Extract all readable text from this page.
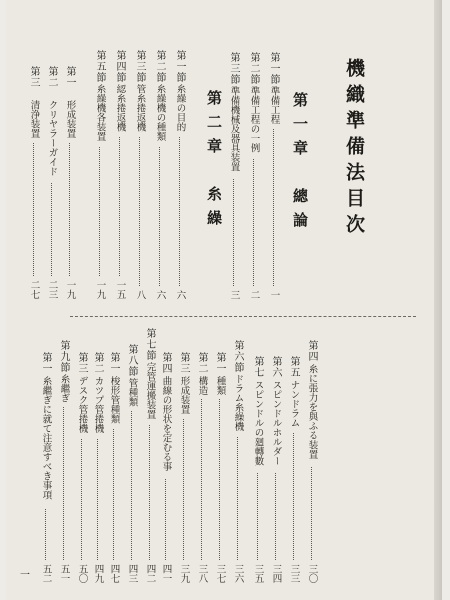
機織準備法目次
第一章　總論
第一節
準備工程
一
第二節
準備工程の一例
二
第三節
準備機械及器具装置
三
第二章　糸繰
第一節
糸繰の目的
六
第二節
糸繰機の種類
六
第三節
管糸捲返機
八
第四節
綛糸捲返機
一五
第五節
糸繰機各装置
一九
第一
形成装置
一九
第二
クリヤラーガイド
二三
第三
清浄装置
二七
第四
糸に張力を與ふる装置
三〇
第五
ナンドラム
三三
第六
スピンドルホルダー
三四
第七
スピンドルの廻轉數
三五
第六節
ドラム糸繰機
三六
第一
種類
三七
第二
構造
三八
第三
形成装置
三九
第四
曲線の形状を定むる事
四一
第七節
完管運搬装置
四二
第八節
管種類
四三
第一
梭形管種類
四七
第二
カツプ管捲機
四九
第三
デスク管捲機
五〇
第九節
糸繼ぎ
五一
第一
糸繼ぎに就て注意すべき事項
五二
一
